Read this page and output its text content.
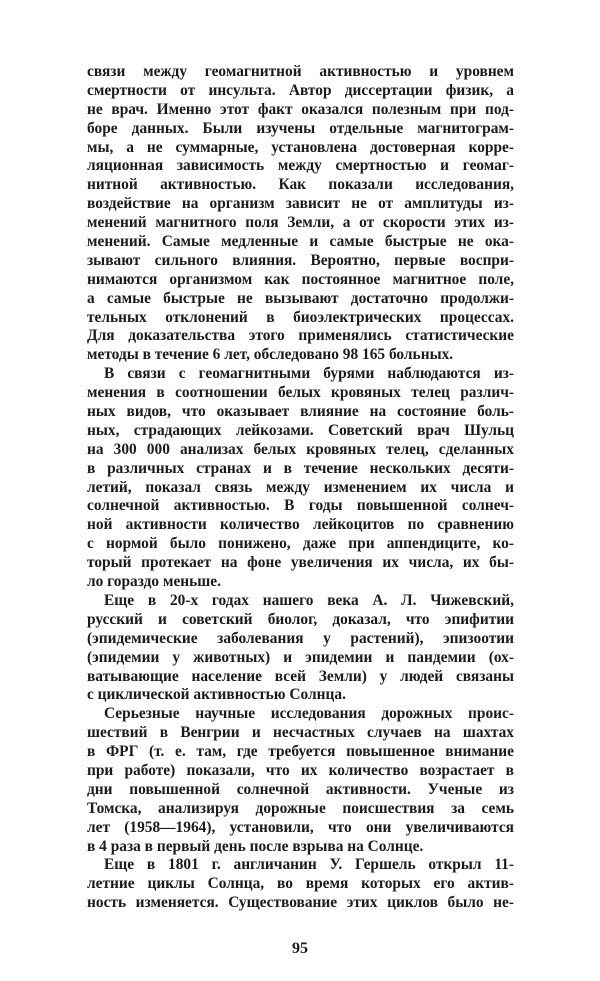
связи между геомагнитной активностью и уровнем
смертности от инсульта. Автор диссертации физик, а
не врач. Именно этот факт оказался полезным при под-
боре данных. Были изучены отдельные магнитограм-
мы, а не суммарные, установлена достоверная корре-
ляционная зависимость между смертностью и геомаг-
нитной активностью. Как показали исследования,
воздействие на организм зависит не от амплитуды из-
менений магнитного поля Земли, а от скорости этих из-
менений. Самые медленные и самые быстрые не ока-
зывают сильного влияния. Вероятно, первые воспри-
нимаются организмом как постоянное магнитное поле,
а самые быстрые не вызывают достаточно продолжи-
тельных отклонений в биоэлектрических процессах.
Для доказательства этого применялись статистические
методы в течение 6 лет, обследовано 98 165 больных.
В связи с геомагнитными бурями наблюдаются из-
менения в соотношении белых кровяных телец различ-
ных видов, что оказывает влияние на состояние боль-
ных, страдающих лейкозами. Советский врач Шульц
на 300 000 анализах белых кровяных телец, сделанных
в различных странах и в течение нескольких десяти-
летий, показал связь между изменением их числа и
солнечной активностью. В годы повышенной солнеч-
ной активности количество лейкоцитов по сравнению
с нормой было понижено, даже при аппендиците, ко-
торый протекает на фоне увеличения их числа, их бы-
ло гораздо меньше.
Еще в 20-х годах нашего века А. Л. Чижевский,
русский и советский биолог, доказал, что эпифитии
(эпидемические заболевания у растений), эпизоотии
(эпидемии у животных) и эпидемии и пандемии (ох-
ватывающие население всей Земли) у людей связаны
с циклической активностью Солнца.
Серьезные научные исследования дорожных проис-
шествий в Венгрии и несчастных случаев на шахтах
в ФРГ (т. е. там, где требуется повышенное внимание
при работе) показали, что их количество возрастает в
дни повышенной солнечной активности. Ученые из
Томска, анализируя дорожные поисшествия за семь
лет (1958—1964), установили, что они увеличиваются
в 4 раза в первый день после взрыва на Солнце.
Еще в 1801 г. англичанин У. Гершель открыл 11-
летние циклы Солнца, во время которых его актив-
ность изменяется. Существование этих циклов было не-
95
